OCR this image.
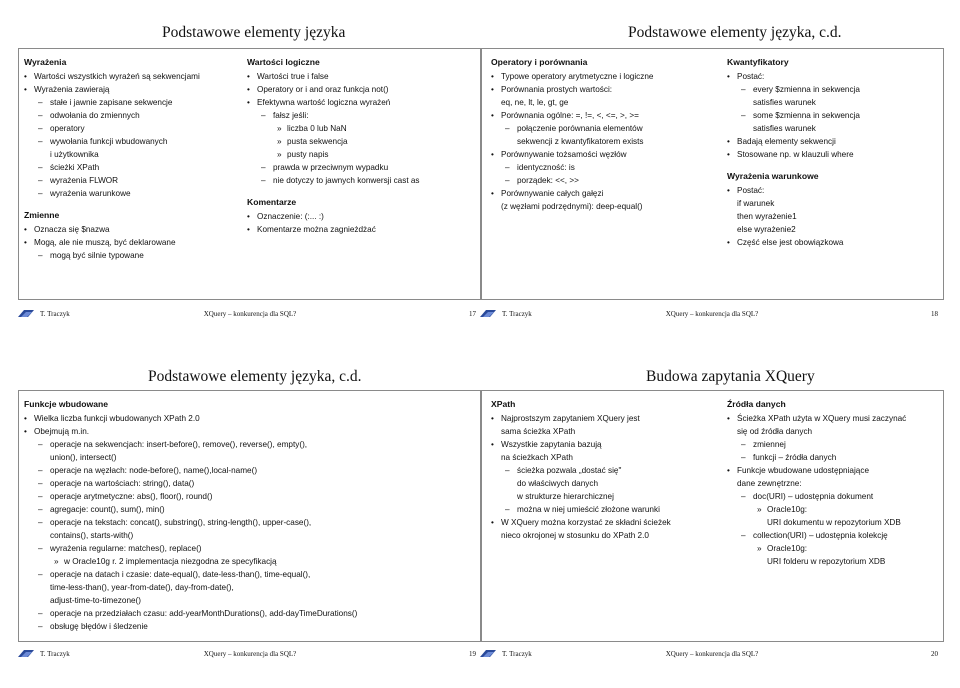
Podstawowe elementy języka
Wyrażenia
• Wartości wszystkich wyrażeń są sekwencjami
• Wyrażenia zawierają
– stałe i jawnie zapisane sekwencje
– odwołania do zmiennych
– operatory
– wywołania funkcji wbudowanych
i użytkownika
– ścieżki XPath
– wyrażenia FLWOR
– wyrażenia warunkowe
Zmienne
• Oznacza się $nazwa
• Mogą, ale nie muszą, być deklarowane
– mogą być silnie typowane
Wartości logiczne
• Wartości true i false
• Operatory or i and oraz funkcja not()
• Efektywna wartość logiczna wyrażeń
– fałsz jeśli:
» liczba 0 lub NaN
» pusta sekwencja
» pusty napis
– prawda w przeciwnym wypadku
– nie dotyczy to jawnych konwersji cast as
Komentarze
• Oznaczenie: (:... :)
• Komentarze można zagnieżdżać
T. Traczyk	XQuery – konkurencja dla SQL?	17
Podstawowe elementy języka, c.d.
Operatory i porównania
• Typowe operatory arytmetyczne i logiczne
• Porównania prostych wartości:
eq, ne, lt, le, gt, ge
• Porównania ogólne: =, !=, <, <=, >, >=
– połączenie porównania elementów
sekwencji z kwantyfikatorem exists
• Porównywanie tożsamości węzłów
– identyczność: is
– porządek: <<, >>
• Porównywanie całych gałęzi
(z węzłami podrzędnymi): deep-equal()
Kwantyfikatory
• Postać:
– every $zmienna in sekwencja
satisfies warunek
– some $zmienna in sekwencja
satisfies warunek
• Badają elementy sekwencji
• Stosowane np. w klauzuli where
Wyrażenia warunkowe
• Postać:
if warunek
then wyrażenie1
else wyrażenie2
• Część else jest obowiązkowa
T. Traczyk	XQuery – konkurencja dla SQL?	18
Podstawowe elementy języka, c.d.
Funkcje wbudowane
• Wielka liczba funkcji wbudowanych XPath 2.0
• Obejmują m.in.
– operacje na sekwencjach: insert-before(), remove(), reverse(), empty(),
union(), intersect()
– operacje na węzłach: node-before(), name(),local-name()
– operacje na wartościach: string(), data()
– operacje arytmetyczne: abs(), floor(), round()
– agregacje: count(), sum(), min()
– operacje na tekstach: concat(), substring(), string-length(), upper-case(),
contains(), starts-with()
– wyrażenia regularne: matches(), replace()
» w Oracle10g r. 2 implementacja niezgodna ze specyfikacją
– operacje na datach i czasie: date-equal(), date-less-than(), time-equal(),
time-less-than(), year-from-date(), day-from-date(),
adjust-time-to-timezone()
– operacje na przedziałach czasu: add-yearMonthDurations(), add-dayTimeDurations()
– obsługę błędów i śledzenie
T. Traczyk	XQuery – konkurencja dla SQL?	19
Budowa zapytania XQuery
XPath
• Najprostszym zapytaniem XQuery jest
sama ścieżka XPath
• Wszystkie zapytania bazują
na ścieżkach XPath
– ścieżka pozwala „dostać się"
do właściwych danych
w strukturze hierarchicznej
– można w niej umieścić złożone warunki
• W XQuery można korzystać ze składni ścieżek
nieco okrojonej w stosunku do XPath 2.0
Źródła danych
• Ścieżka XPath użyta w XQuery musi zaczynać
się od źródła danych
– zmiennej
– funkcji – źródła danych
• Funkcje wbudowane udostępniające
dane zewnętrzne:
– doc(URI) – udostępnia dokument
» Oracle10g:
URI dokumentu w repozytorium XDB
– collection(URI) – udostępnia kolekcję
» Oracle10g:
URI folderu w repozytorium XDB
T. Traczyk	XQuery – konkurencja dla SQL?	20
